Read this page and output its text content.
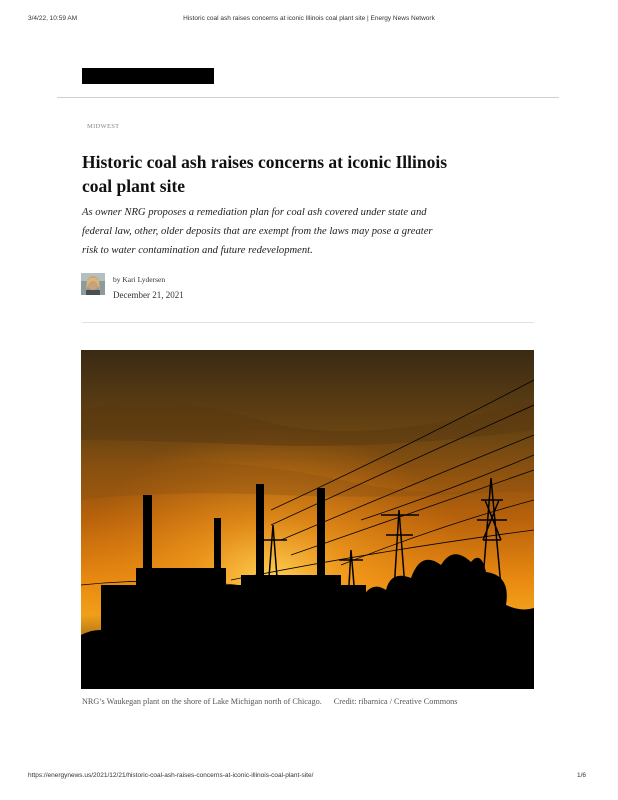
3/4/22, 10:59 AM	Historic coal ash raises concerns at iconic Illinois coal plant site | Energy News Network
MIDWEST
Historic coal ash raises concerns at iconic Illinois coal plant site

As owner NRG proposes a remediation plan for coal ash covered under state and federal law, other, older deposits that are exempt from the laws may pose a greater risk to water contamination and future redevelopment.

by Kari Lydersen
December 21, 2021
NRG’s Waukegan plant on the shore of Lake Michigan north of Chicago. Credit: ribarnica / Creative Commons
https://energynews.us/2021/12/21/historic-coal-ash-raises-concerns-at-iconic-illinois-coal-plant-site/	1/6
